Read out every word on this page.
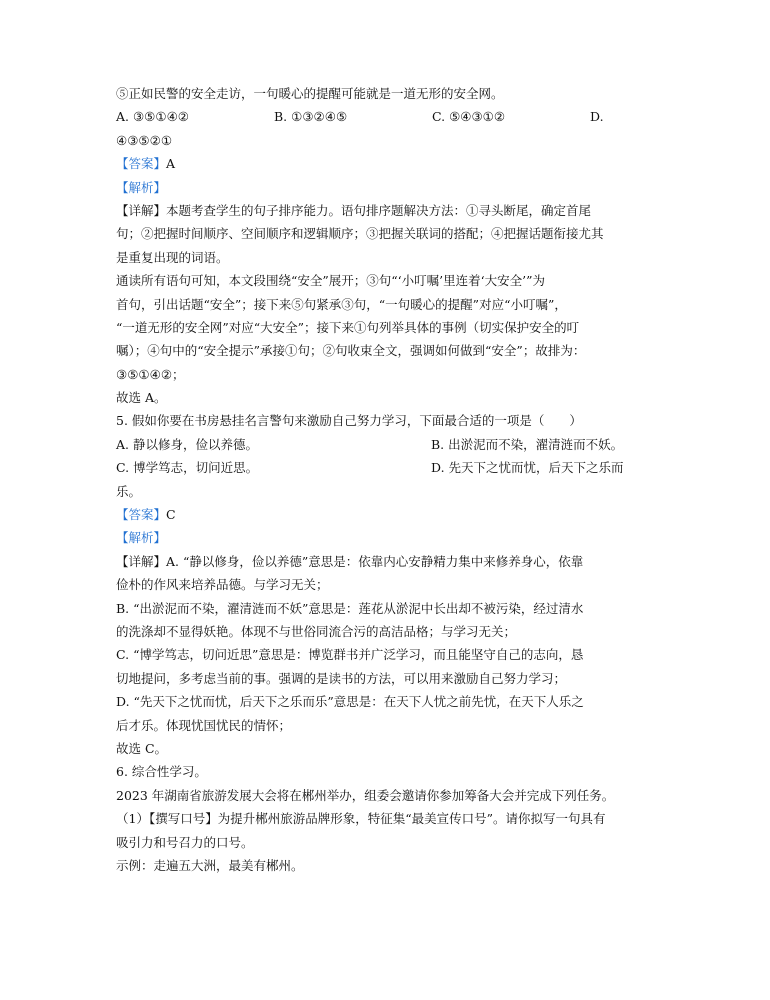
⑤正如民警的安全走访，一句暖心的提醒可能就是一道无形的安全网。
A. ③⑤①④②	B. ①③②④⑤	C. ⑤④③①②	D.
④③⑤②①
【答案】A
【解析】
【详解】本题考查学生的句子排序能力。语句排序题解决方法：①寻头断尾，确定首尾
句；②把握时间顺序、空间顺序和逻辑顺序；③把握关联词的搭配；④把握话题衔接尤其
是重复出现的词语。
通读所有语句可知，本文段围绕“安全”展开；③句“‘小叮嘱’里连着‘大安全’”为
首句，引出话题“安全”；接下来⑤句紧承③句，“一句暖心的提醒”对应“小叮嘱”，
“一道无形的安全网”对应“大安全”；接下来①句列举具体的事例（切实保护安全的叮
嘱）；④句中的“安全提示”承接①句；②句收束全文，强调如何做到“安全”；故排为：
③⑤①④②；
故选 A。
5. 假如你要在书房悬挂名言警句来激励自己努力学习，下面最合适的一项是（　　）
A. 静以修身，俭以养德。	B. 出淤泥而不染，濯清涟而不妖。
C. 博学笃志，切问近思。	D. 先天下之忧而忧，后天下之乐而
乐。
【答案】C
【解析】
【详解】A. “静以修身，俭以养德”意思是：依靠内心安静精力集中来修养身心，依靠
俭朴的作风来培养品德。与学习无关；
B. “出淤泥而不染，濯清涟而不妖”意思是：莲花从淤泥中长出却不被污染，经过清水
的洗涤却不显得妖艳。体现不与世俗同流合污的高洁品格；与学习无关；
C. “博学笃志，切问近思”意思是：博览群书并广泛学习，而且能坚守自己的志向，恳
切地提问，多考虑当前的事。强调的是读书的方法，可以用来激励自己努力学习；
D. “先天下之忧而忧，后天下之乐而乐”意思是：在天下人忧之前先忧，在天下人乐之
后才乐。体现忧国忧民的情怀；
故选 C。
6. 综合性学习。
2023 年湖南省旅游发展大会将在郴州举办，组委会邀请你参加筹备大会并完成下列任务。
（1）【撰写口号】为提升郴州旅游品牌形象，特征集“最美宣传口号”。请你拟写一句具有
吸引力和号召力的口号。
示例：走遍五大洲，最美有郴州。
